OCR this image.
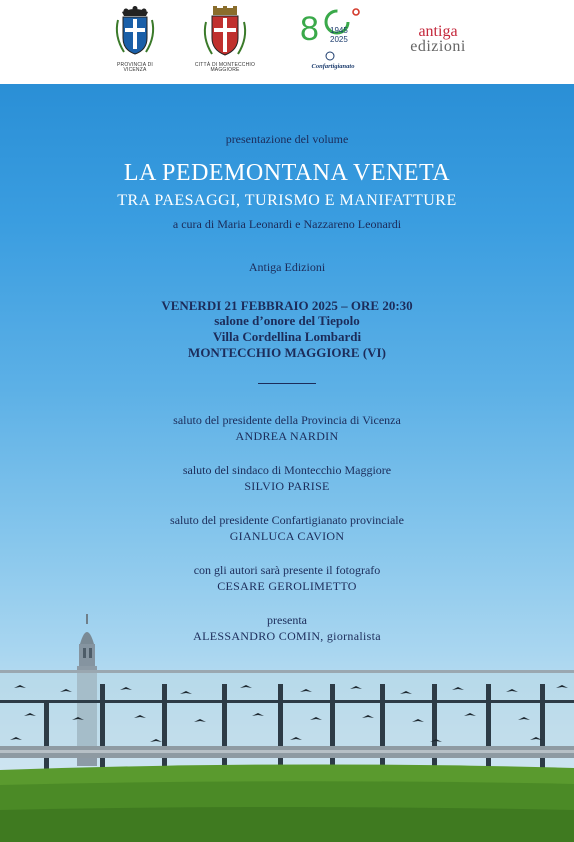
PROVINCIA DI VICENZA
CITTÀ DI MONTECCHIO MAGGIORE
8 1945
2025
Confartigianato
antiga
edizioni
presentazione del volume
LA PEDEMONTANA VENETA
TRA PAESAGGI, TURISMO E MANIFATTURE
a cura di Maria Leonardi e Nazzareno Leonardi
Antiga Edizioni
VENERDI 21 FEBBRAIO 2025 – ORE 20:30
salone d’onore del Tiepolo
Villa Cordellina Lombardi
MONTECCHIO MAGGIORE (VI)
saluto del presidente della Provincia di Vicenza
ANDREA NARDIN
saluto del sindaco di Montecchio Maggiore
SILVIO PARISE
saluto del presidente Confartigianato provinciale
GIANLUCA CAVION
con gli autori sarà presente il fotografo
CESARE GEROLIMETTO
presenta
ALESSANDRO COMIN, giornalista
